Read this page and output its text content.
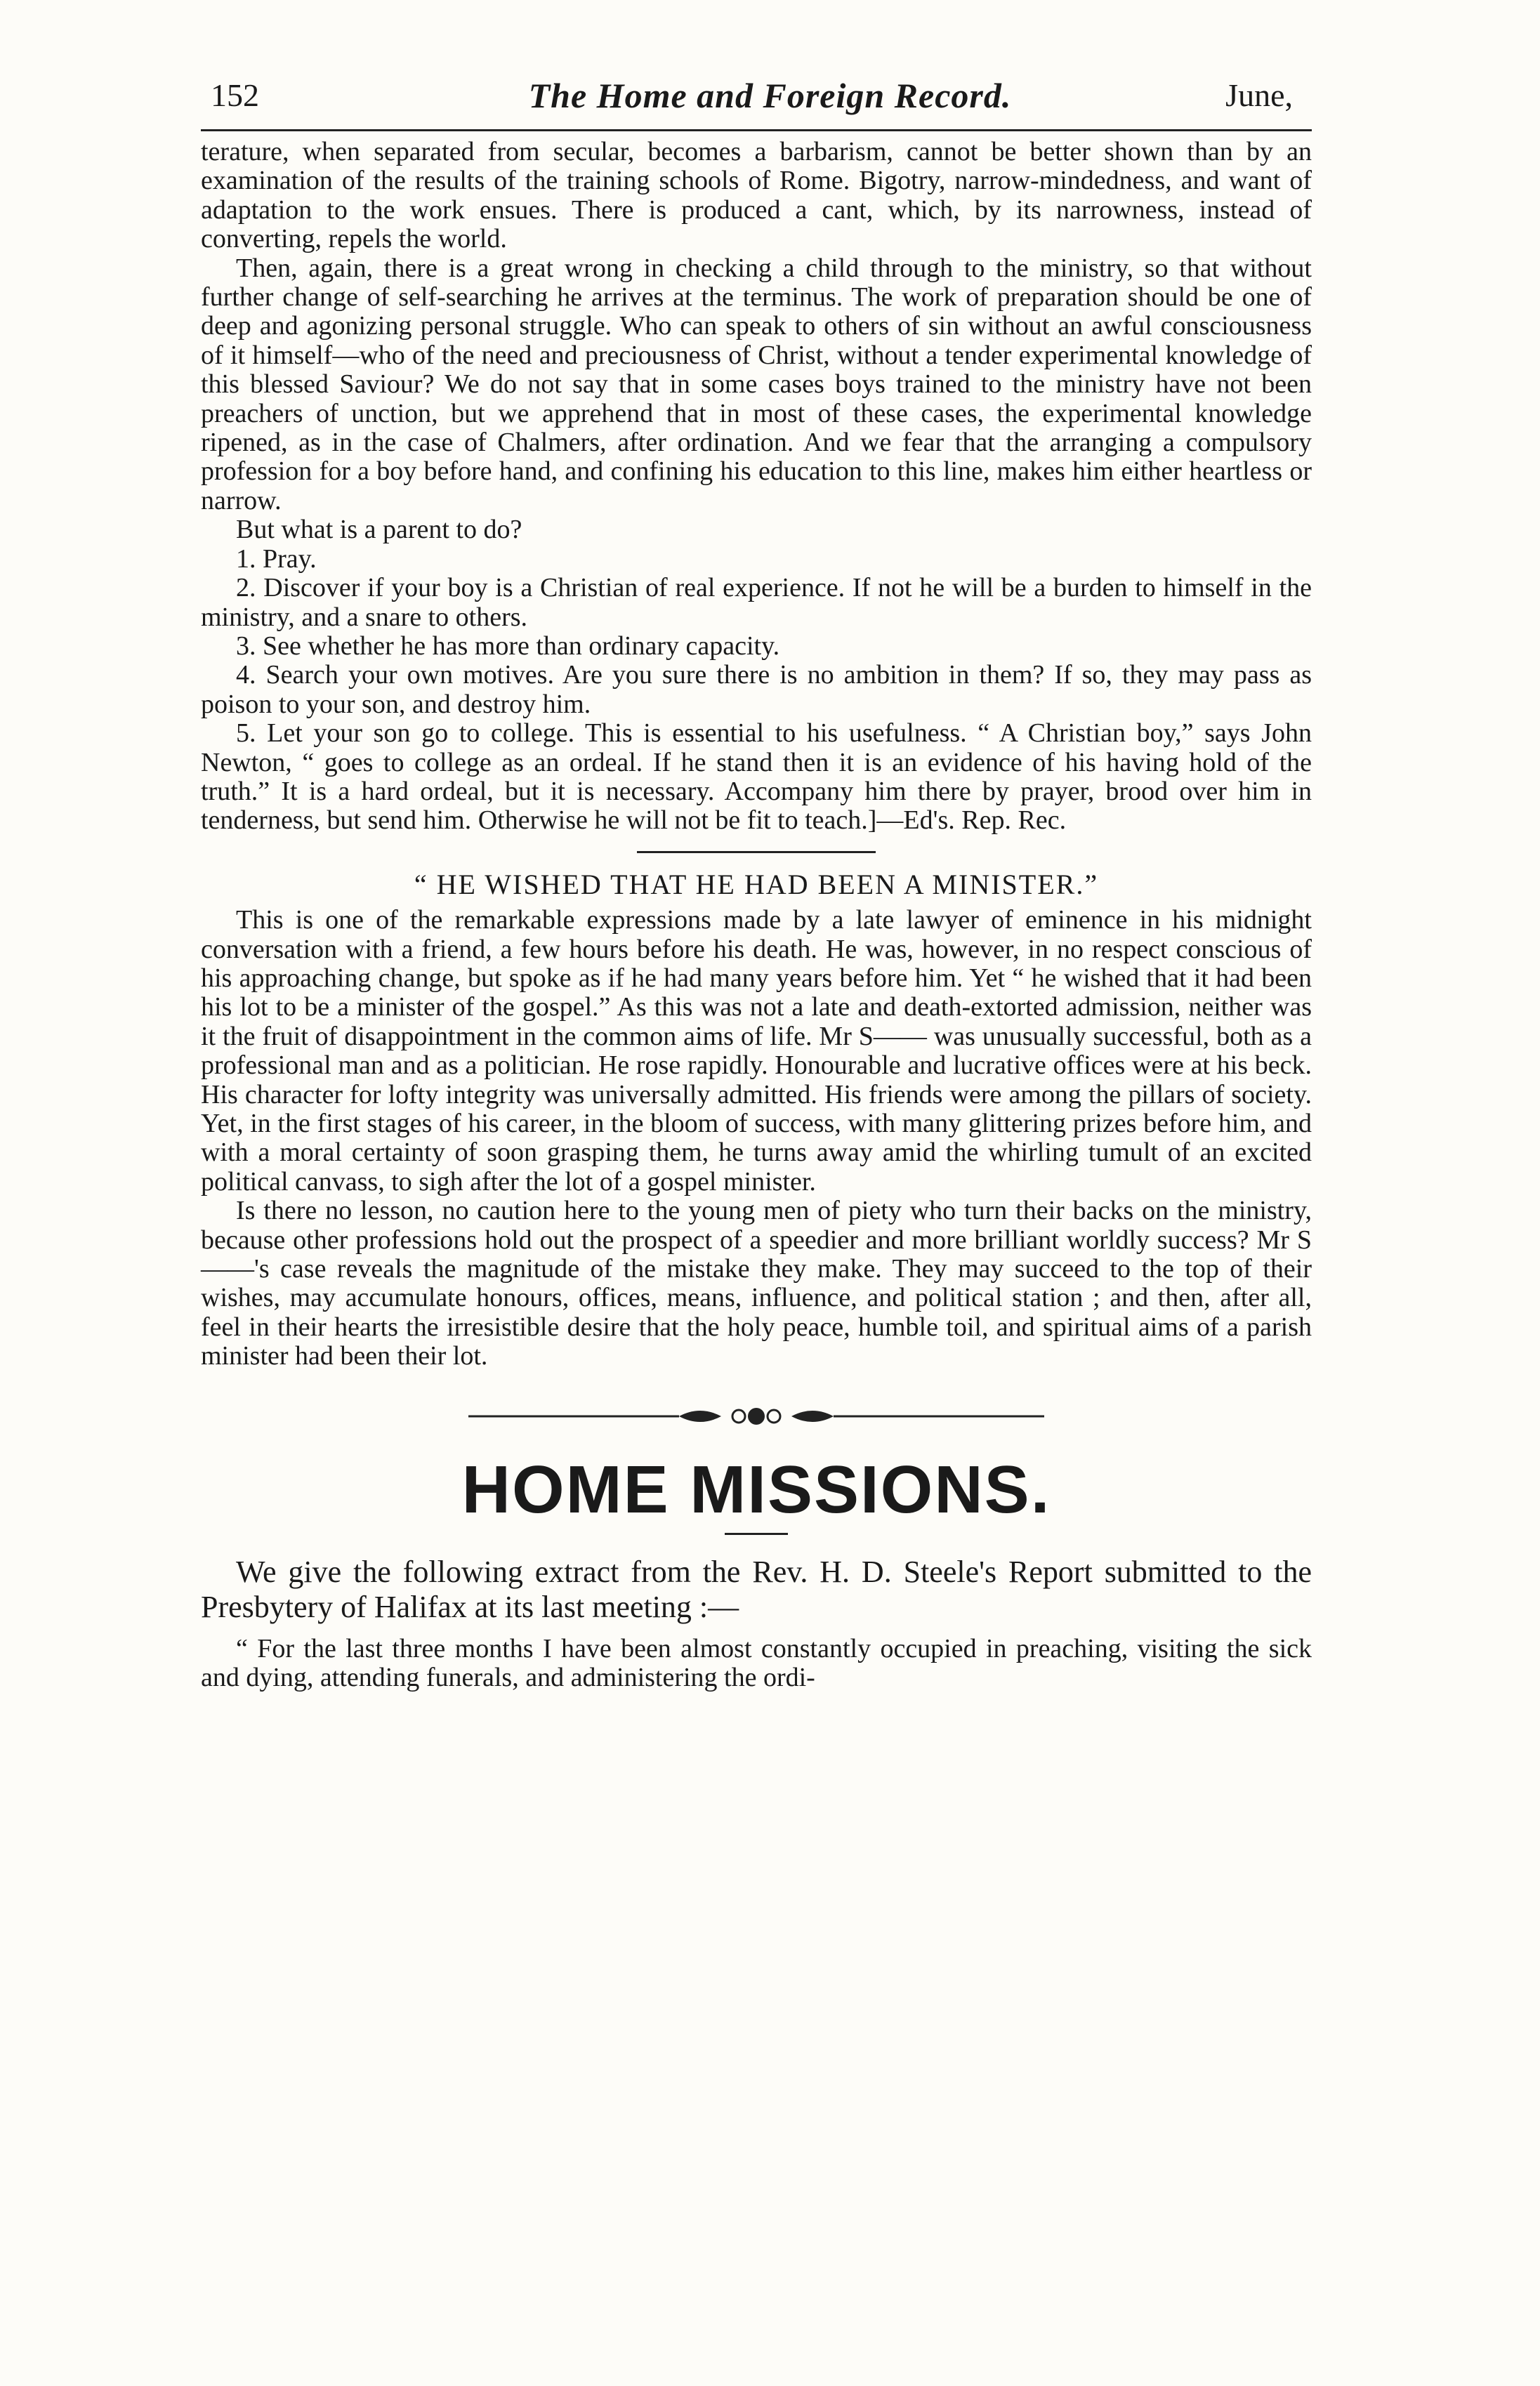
152	The Home and Foreign Record.	June,

terature, when separated from secular, becomes a barbarism, cannot be better shown than by an examination of the results of the training schools of Rome. Bigotry, narrow-mindedness, and want of adaptation to the work ensues. There is produced a cant, which, by its narrowness, instead of converting, repels the world.

Then, again, there is a great wrong in checking a child through to the ministry, so that without further change of self-searching he arrives at the terminus. The work of preparation should be one of deep and agonizing personal struggle. Who can speak to others of sin without an awful consciousness of it himself—who of the need and preciousness of Christ, without a tender experimental knowledge of this blessed Saviour? We do not say that in some cases boys trained to the ministry have not been preachers of unction, but we apprehend that in most of these cases, the experimental knowledge ripened, as in the case of Chalmers, after ordination. And we fear that the arranging a compulsory profession for a boy before hand, and confining his education to this line, makes him either heartless or narrow.

But what is a parent to do?

1. Pray.

2. Discover if your boy is a Christian of real experience. If not he will be a burden to himself in the ministry, and a snare to others.

3. See whether he has more than ordinary capacity.

4. Search your own motives. Are you sure there is no ambition in them? If so, they may pass as poison to your son, and destroy him.

5. Let your son go to college. This is essential to his usefulness. “ A Christian boy,” says John Newton, “ goes to college as an ordeal. If he stand then it is an evidence of his having hold of the truth.” It is a hard ordeal, but it is necessary. Accompany him there by prayer, brood over him in tenderness, but send him. Otherwise he will not be fit to teach.]—Ed's. Rep. Rec.

“ HE WISHED THAT HE HAD BEEN A MINISTER.”

This is one of the remarkable expressions made by a late lawyer of eminence in his midnight conversation with a friend, a few hours before his death. He was, however, in no respect conscious of his approaching change, but spoke as if he had many years before him. Yet “ he wished that it had been his lot to be a minister of the gospel.” As this was not a late and death-extorted admission, neither was it the fruit of disappointment in the common aims of life. Mr S—— was unusually successful, both as a professional man and as a politician. He rose rapidly. Honourable and lucrative offices were at his beck. His character for lofty integrity was universally admitted. His friends were among the pillars of society. Yet, in the first stages of his career, in the bloom of success, with many glittering prizes before him, and with a moral certainty of soon grasping them, he turns away amid the whirling tumult of an excited political canvass, to sigh after the lot of a gospel minister.

Is there no lesson, no caution here to the young men of piety who turn their backs on the ministry, because other professions hold out the prospect of a speedier and more brilliant worldly success? Mr S——'s case reveals the magnitude of the mistake they make. They may succeed to the top of their wishes, may accumulate honours, offices, means, influence, and political station ; and then, after all, feel in their hearts the irresistible desire that the holy peace, humble toil, and spiritual aims of a parish minister had been their lot.

HOME MISSIONS.

We give the following extract from the Rev. H. D. Steele's Report submitted to the Presbytery of Halifax at its last meeting :—

“ For the last three months I have been almost constantly occupied in preaching, visiting the sick and dying, attending funerals, and administering the ordi-
